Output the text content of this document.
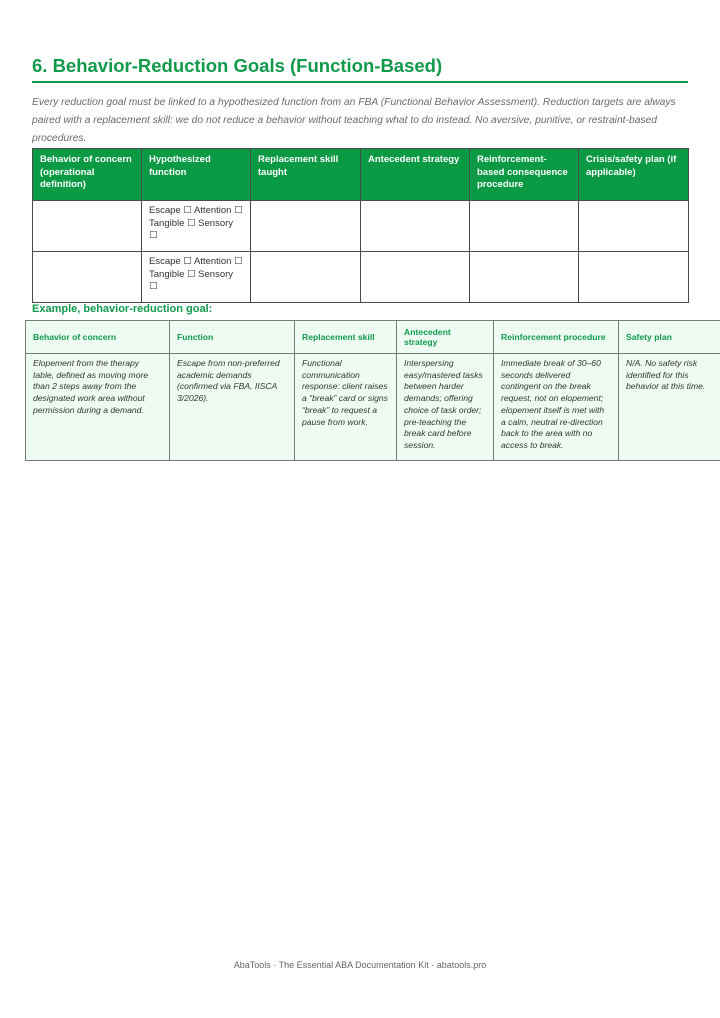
6. Behavior-Reduction Goals (Function-Based)

Every reduction goal must be linked to a hypothesized function from an FBA (Functional Behavior Assessment). Reduction targets are always paired with a replacement skill: we do not reduce a behavior without teaching what to do instead. No aversive, punitive, or restraint-based procedures.

Behavior of concern (operational definition)	Hypothesized function	Replacement skill taught	Antecedent strategy	Reinforcement-based consequence procedure	Crisis/safety plan (if applicable)
	Escape ☐ Attention ☐ Tangible ☐ Sensory ☐				
	Escape ☐ Attention ☐ Tangible ☐ Sensory ☐				
Example, behavior-reduction goal:
Behavior of concern	Function	Replacement skill	Antecedent strategy	Reinforcement procedure	Safety plan
Elopement from the therapy table, defined as moving more than 2 steps away from the designated work area without permission during a demand.	Escape from non-preferred academic demands (confirmed via FBA, IISCA 3/2026).	Functional communication response: client raises a “break” card or signs “break” to request a pause from work.	Interspersing easy/mastered tasks between harder demands; offering choice of task order; pre-teaching the break card before session.	Immediate break of 30–60 seconds delivered contingent on the break request, not on elopement; elopement itself is met with a calm, neutral re-direction back to the area with no access to break.	N/A. No safety risk identified for this behavior at this time.
AbaTools · The Essential ABA Documentation Kit · abatools.pro
